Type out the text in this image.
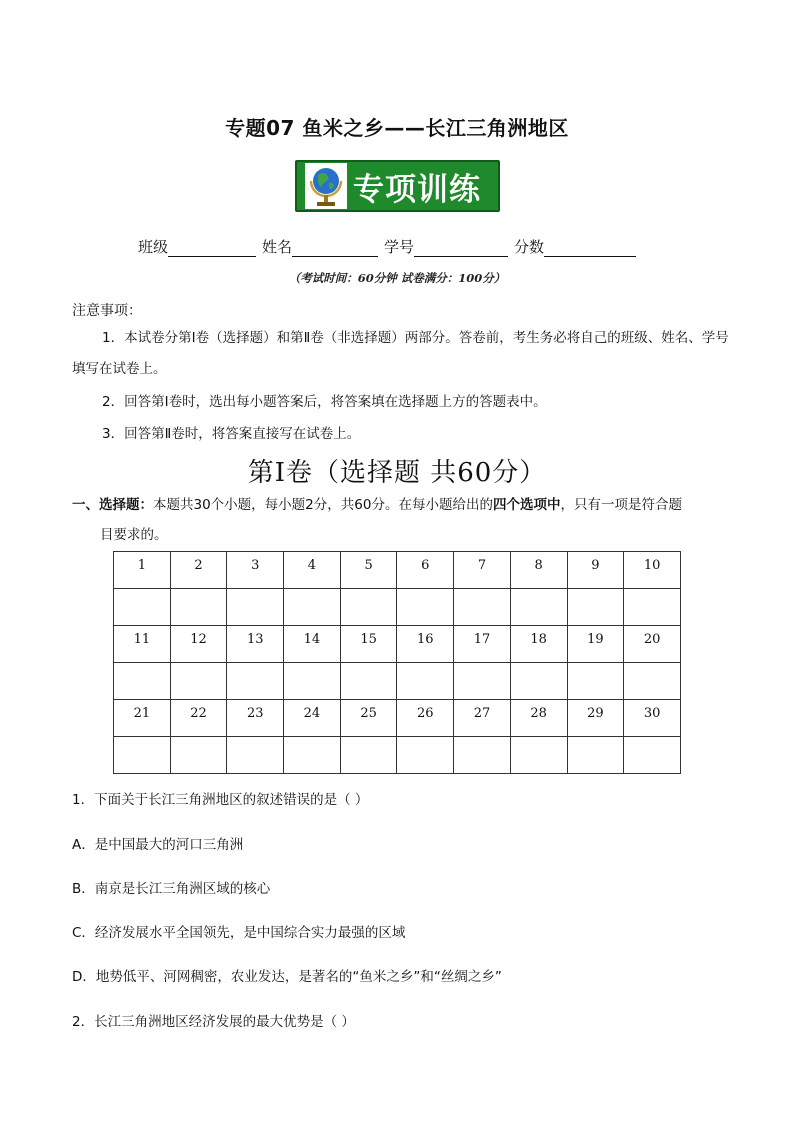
专题07 鱼米之乡——长江三角洲地区
专项训练
班级	姓名	学号	分数
（考试时间：60分钟 试卷满分：100分）
注意事项：
1．本试卷分第Ⅰ卷（选择题）和第Ⅱ卷（非选择题）两部分。答卷前，考生务必将自己的班级、姓名、学号填写在试卷上。
2．回答第Ⅰ卷时，选出每小题答案后，将答案填在选择题上方的答题表中。
3．回答第Ⅱ卷时，将答案直接写在试卷上。
第Ⅰ卷（选择题 共60分）
一、选择题：本题共30个小题，每小题2分，共60分。在每小题给出的四个选项中，只有一项是符合题
目要求的。
1	2	3	4	5	6	7	8	9	10

11	12	13	14	15	16	17	18	19	20

21	22	23	24	25	26	27	28	29	30

1．下面关于长江三角洲地区的叙述错误的是（ ）
A．是中国最大的河口三角洲
B．南京是长江三角洲区域的核心
C．经济发展水平全国领先，是中国综合实力最强的区域
D．地势低平、河网稠密，农业发达，是著名的“鱼米之乡”和“丝绸之乡”
2．长江三角洲地区经济发展的最大优势是（ ）
